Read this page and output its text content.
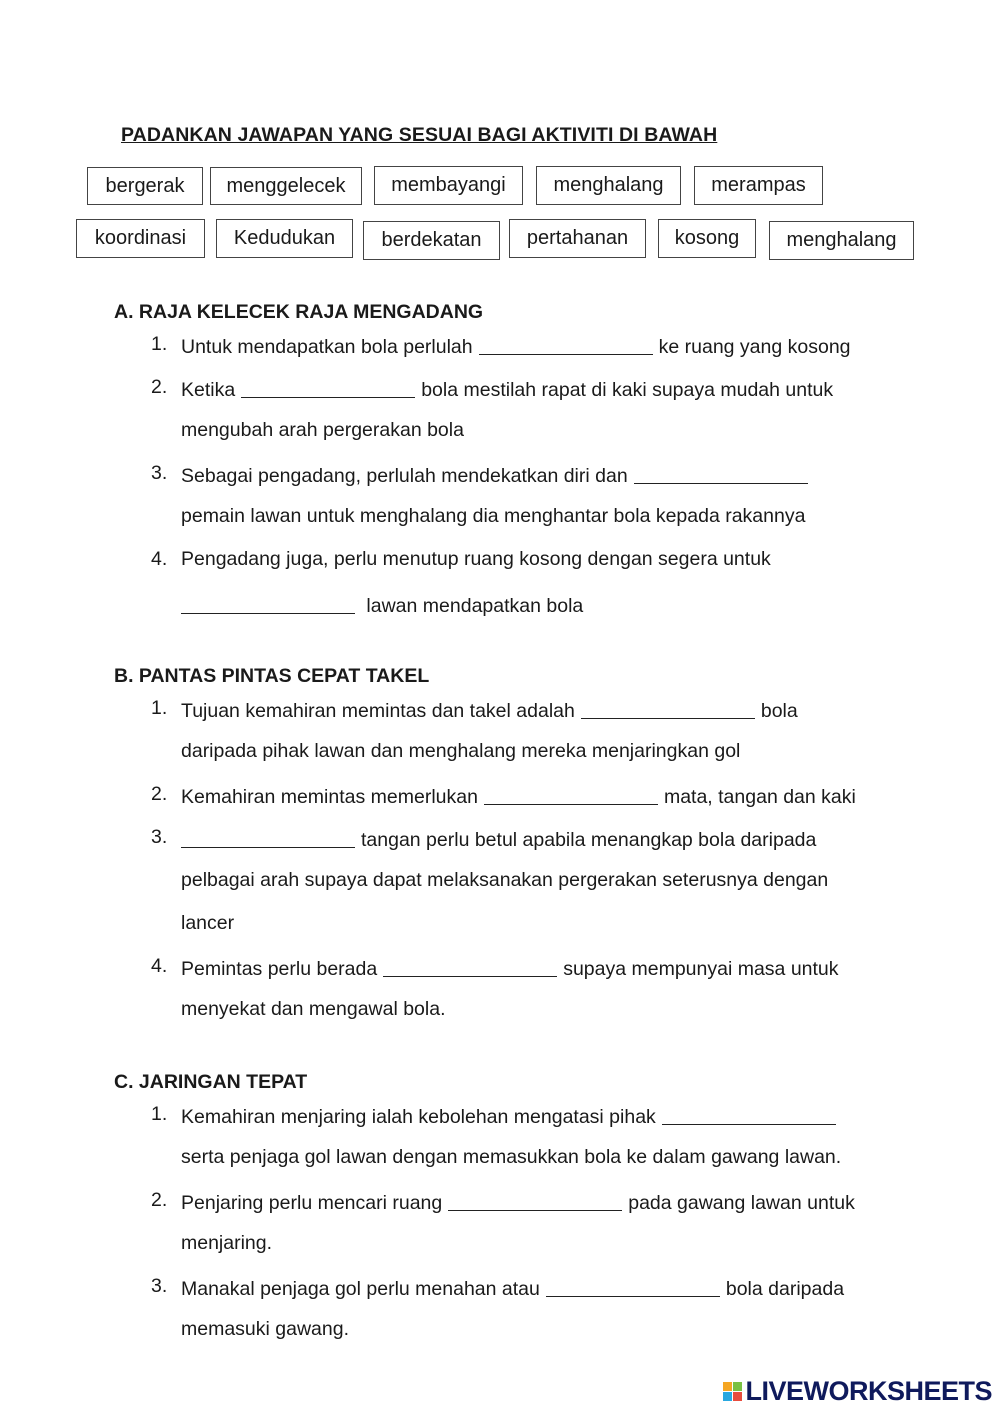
PADANKAN JAWAPAN YANG SESUAI BAGI AKTIVITI DI BAWAH
bergerak	menggelecek	membayangi	menghalang	merampas
koordinasi	Kedudukan	berdekatan	pertahanan	kosong	menghalang
A. RAJA KELECEK RAJA MENGADANG
1. Untuk mendapatkan bola perlulah	ke ruang yang kosong
2. Ketika	bola mestilah rapat di kaki supaya mudah untuk
mengubah arah pergerakan bola
3. Sebagai pengadang, perlulah mendekatkan diri dan
pemain lawan untuk menghalang dia menghantar bola kepada rakannya
4. Pengadang juga, perlu menutup ruang kosong dengan segera untuk
lawan mendapatkan bola
B. PANTAS PINTAS CEPAT TAKEL
1. Tujuan kemahiran memintas dan takel adalah	bola
daripada pihak lawan dan menghalang mereka menjaringkan gol
2. Kemahiran memintas memerlukan	mata, tangan dan kaki
3.	tangan perlu betul apabila menangkap bola daripada
pelbagai arah supaya dapat melaksanakan pergerakan seterusnya dengan
lancer
4. Pemintas perlu berada	supaya mempunyai masa untuk
menyekat dan mengawal bola.
C. JARINGAN TEPAT
1. Kemahiran menjaring ialah kebolehan mengatasi pihak
serta penjaga gol lawan dengan memasukkan bola ke dalam gawang lawan.
2. Penjaring perlu mencari ruang	pada gawang lawan untuk
menjaring.
3. Manakal penjaga gol perlu menahan atau	bola daripada
memasuki gawang.
LIVEWORKSHEETS
